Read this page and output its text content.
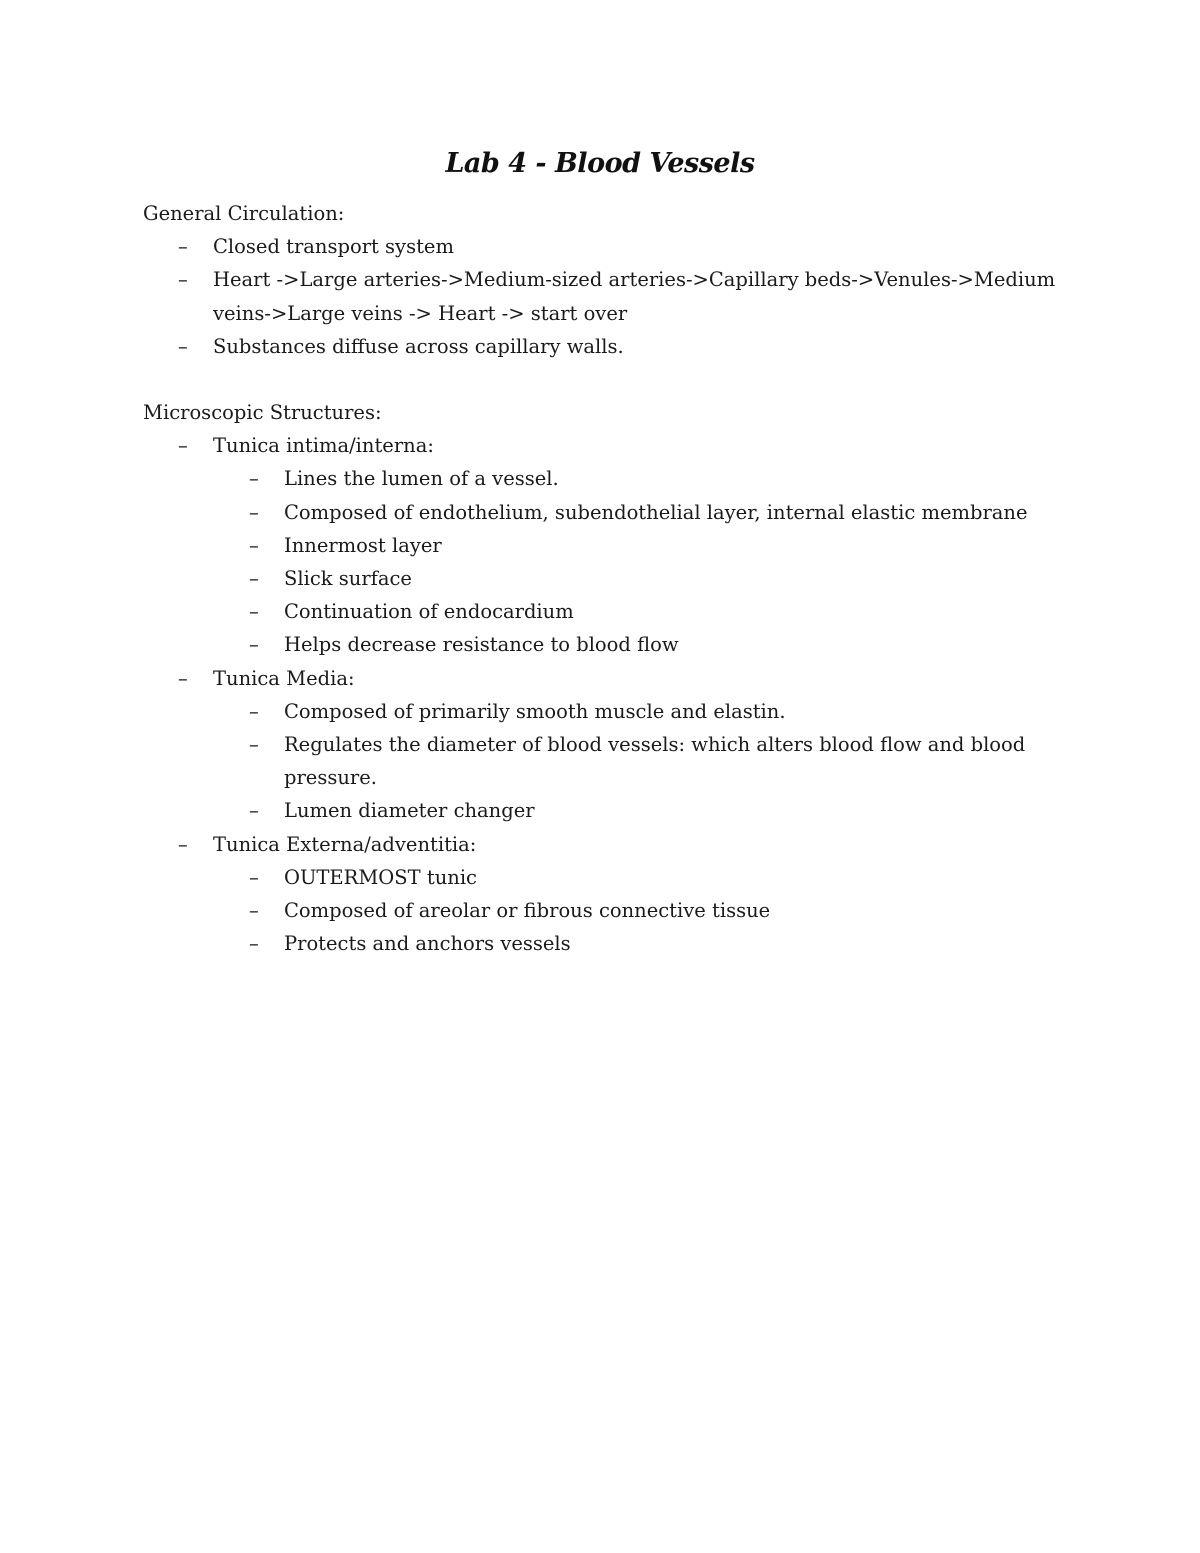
Lab 4 - Blood Vessels

General Circulation:

– Closed transport system
– Heart ->Large arteries->Medium-sized arteries->Capillary beds->Venules->Medium veins->Large veins -> Heart -> start over
– Substances diffuse across capillary walls.

Microscopic Structures:

– Tunica intima/interna:
– Lines the lumen of a vessel.
– Composed of endothelium, subendothelial layer, internal elastic membrane
– Innermost layer
– Slick surface
– Continuation of endocardium
– Helps decrease resistance to blood flow
– Tunica Media:
– Composed of primarily smooth muscle and elastin.
– Regulates the diameter of blood vessels: which alters blood flow and blood pressure.
– Lumen diameter changer
– Tunica Externa/adventitia:
– OUTERMOST tunic
– Composed of areolar or fibrous connective tissue
– Protects and anchors vessels
